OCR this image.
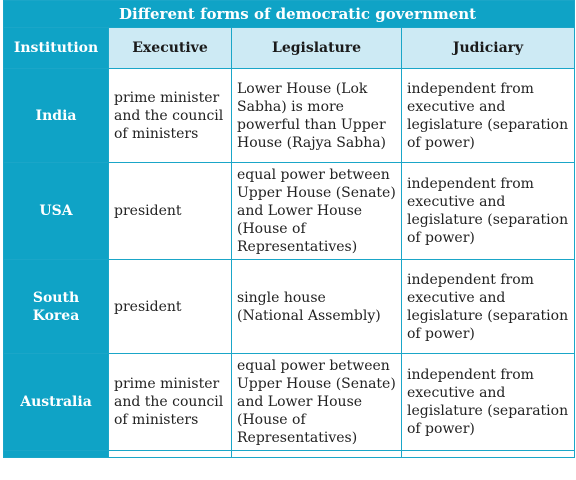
Different forms of democratic government			
Institution	Executive	Legislature	Judiciary
India	prime minister and the council of ministers	Lower House (Lok Sabha) is more powerful than Upper House (Rajya Sabha)	independent from executive and legislature (separation of power)
USA	president	equal power between Upper House (Senate) and Lower House (House of Representatives)	independent from executive and legislature (separation of power)
South Korea	president	single house (National Assembly)	independent from executive and legislature (separation of power)
Australia	prime minister and the council of ministers	equal power between Upper House (Senate) and Lower House (House of Representatives)	independent from executive and legislature (separation of power)
